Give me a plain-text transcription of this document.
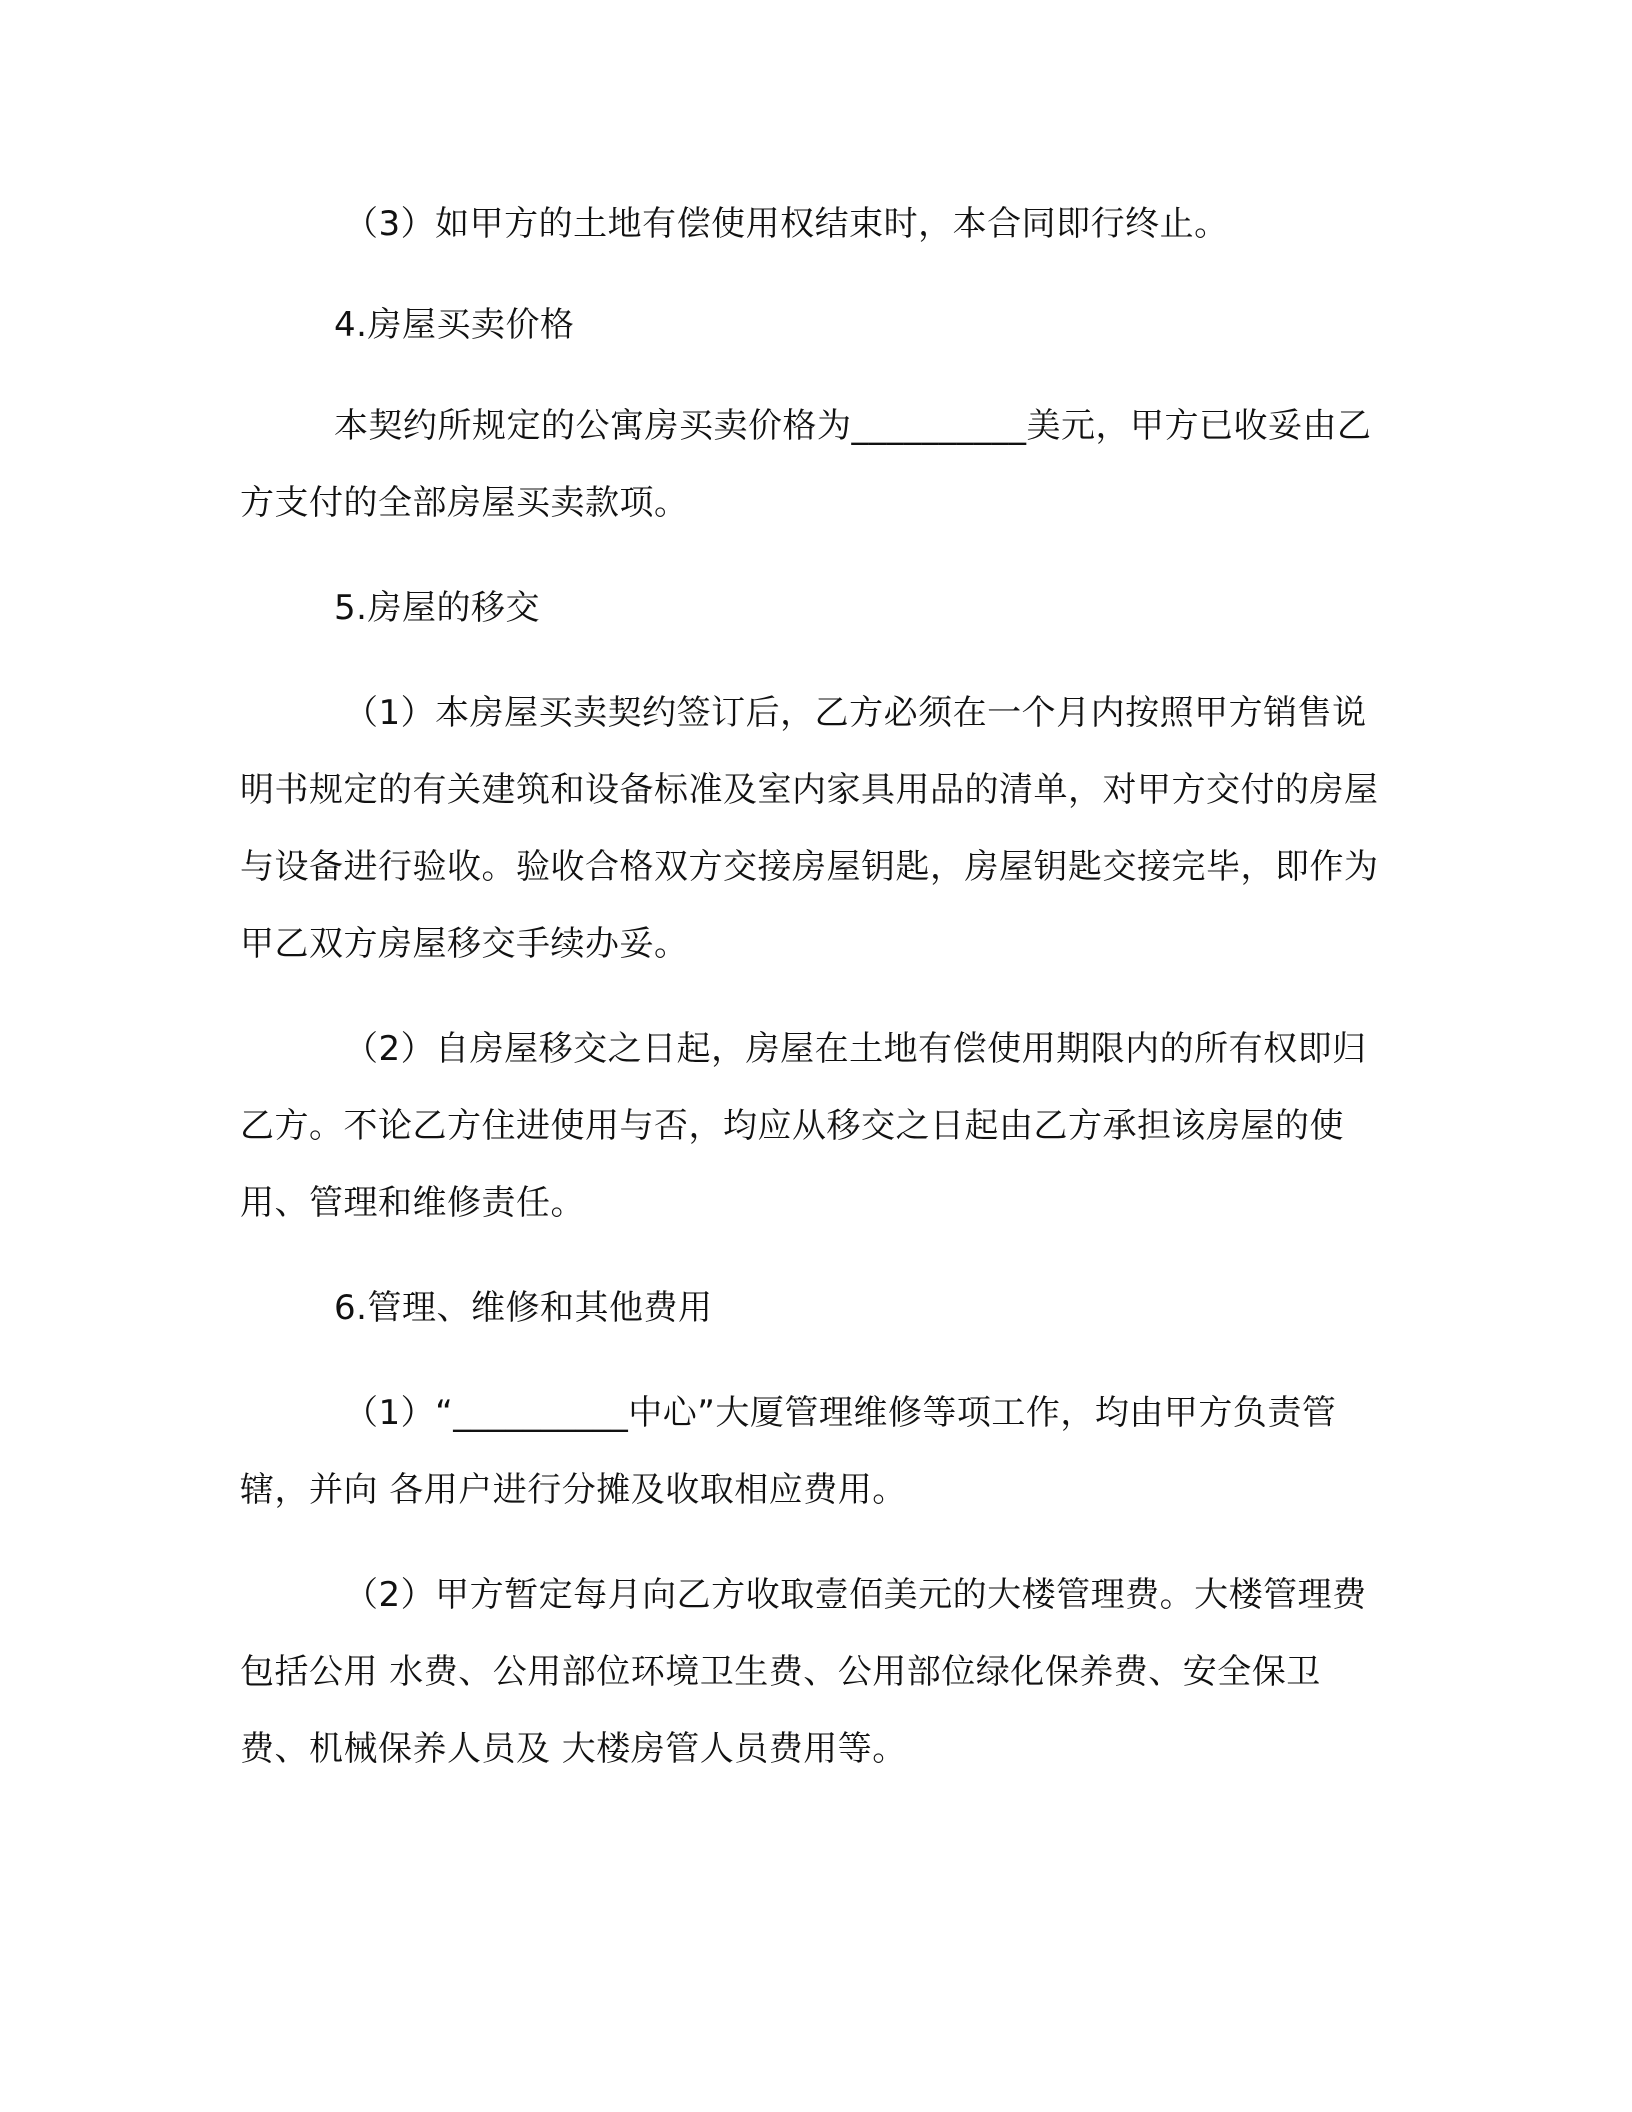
（3）如甲方的土地有偿使用权结束时，本合同即行终止。

4.房屋买卖价格

本契约所规定的公寓房买卖价格为__________美元，甲方已收妥由乙方支付的全部房屋买卖款项。

5.房屋的移交

（1）本房屋买卖契约签订后，乙方必须在一个月内按照甲方销售说明书规定的有关建筑和设备标准及室内家具用品的清单，对甲方交付的房屋与设备进行验收。验收合格双方交接房屋钥匙，房屋钥匙交接完毕，即作为甲乙双方房屋移交手续办妥。

（2）自房屋移交之日起，房屋在土地有偿使用期限内的所有权即归乙方。不论乙方住进使用与否，均应从移交之日起由乙方承担该房屋的使用、管理和维修责任。

6.管理、维修和其他费用

（1）“__________中心”大厦管理维修等项工作，均由甲方负责管辖，并向 各用户进行分摊及收取相应费用。

（2）甲方暂定每月向乙方收取壹佰美元的大楼管理费。大楼管理费包括公用 水费、公用部位环境卫生费、公用部位绿化保养费、安全保卫费、机械保养人员及 大楼房管人员费用等。
